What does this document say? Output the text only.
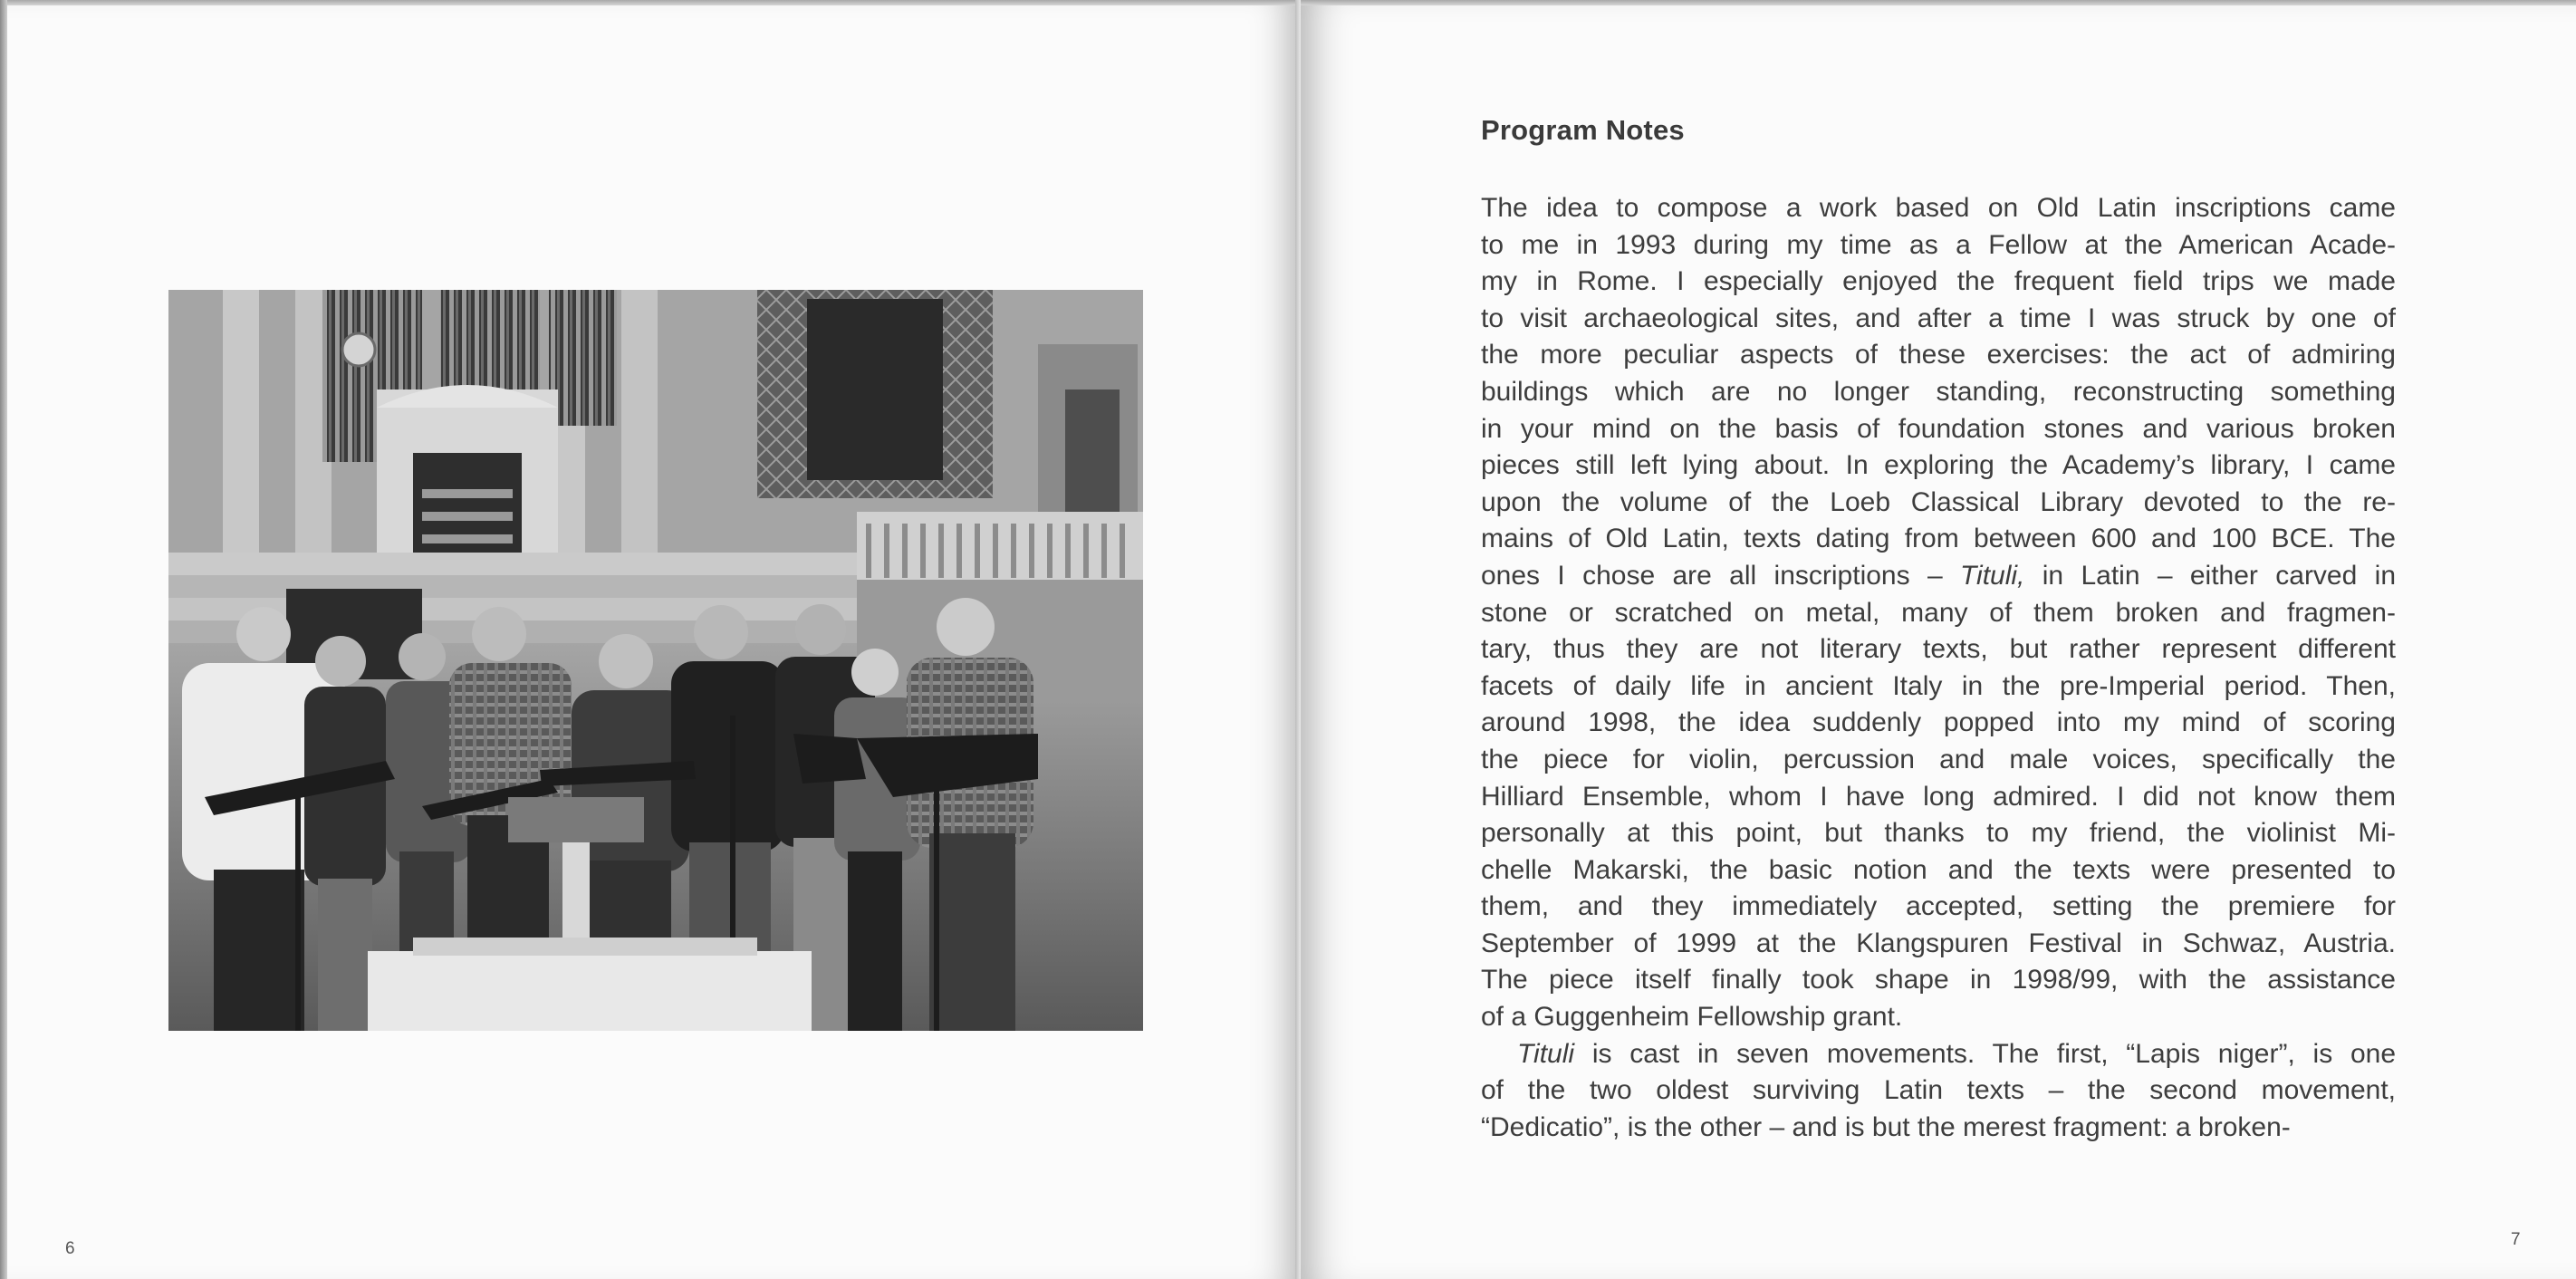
6
Program Notes

The idea to compose a work based on Old Latin inscriptions came
to me in 1993 during my time as a Fellow at the American Acade-
my in Rome. I especially enjoyed the frequent field trips we made
to visit archaeological sites, and after a time I was struck by one of
the more peculiar aspects of these exercises: the act of admiring
buildings which are no longer standing, reconstructing something
in your mind on the basis of foundation stones and various broken
pieces still left lying about. In exploring the Academy’s library, I came
upon the volume of the Loeb Classical Library devoted to the re-
mains of Old Latin, texts dating from between 600 and 100 BCE. The
ones I chose are all inscriptions – Tituli, in Latin – either carved in
stone or scratched on metal, many of them broken and fragmen-
tary, thus they are not literary texts, but rather represent different
facets of daily life in ancient Italy in the pre-Imperial period. Then,
around 1998, the idea suddenly popped into my mind of scoring
the piece for violin, percussion and male voices, specifically the
Hilliard Ensemble, whom I have long admired. I did not know them
personally at this point, but thanks to my friend, the violinist Mi-
chelle Makarski, the basic notion and the texts were presented to
them, and they immediately accepted, setting the premiere for
September of 1999 at the Klangspuren Festival in Schwaz, Austria.
The piece itself finally took shape in 1998/99, with the assistance
of a Guggenheim Fellowship grant.

Tituli is cast in seven movements. The first, “Lapis niger”, is one
of the two oldest surviving Latin texts – the second movement,
“Dedicatio”, is the other – and is but the merest fragment: a broken-

7
